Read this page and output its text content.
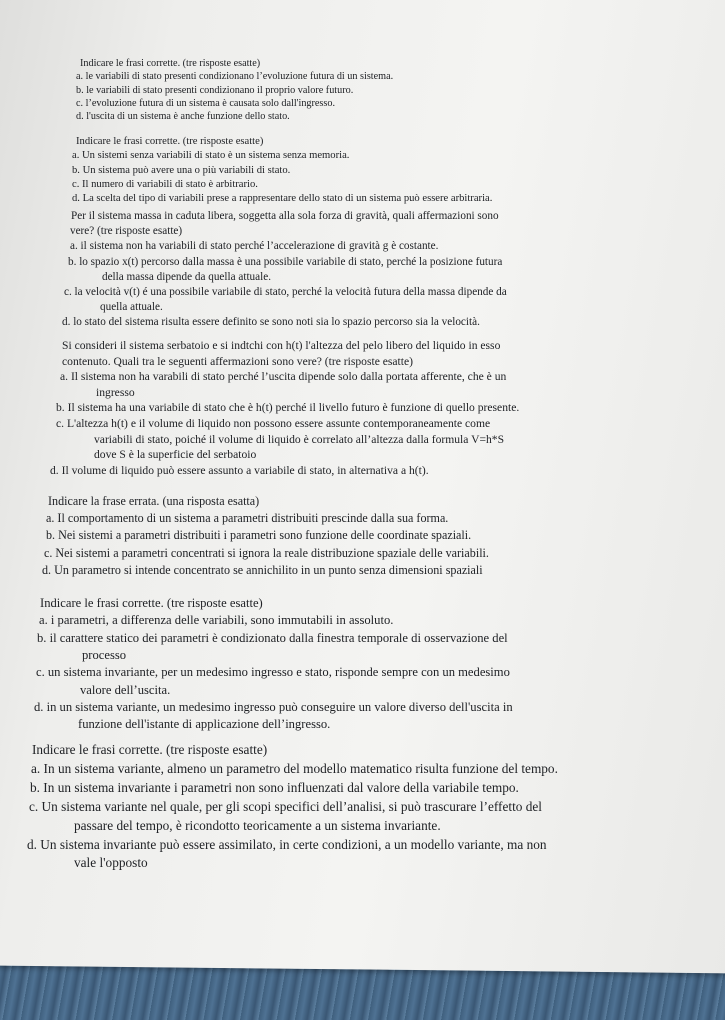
Indicare le frasi corrette. (tre risposte esatte)
a. le variabili di stato presenti condizionano l’evoluzione futura di un sistema.
b. le variabili di stato presenti condizionano il proprio valore futuro.
c. l’evoluzione futura di un sistema è causata solo dall'ingresso.
d. l'uscita di un sistema è anche funzione dello stato.
Indicare le frasi corrette. (tre risposte esatte)
a. Un sistemi senza variabili di stato è un sistema senza memoria.
b. Un sistema può avere una o più variabili di stato.
c. Il numero di variabili di stato è arbitrario.
d. La scelta del tipo di variabili prese a rappresentare dello stato di un sistema può essere arbitraria.
Per il sistema massa in caduta libera, soggetta alla sola forza di gravità, quali affermazioni sono
vere? (tre risposte esatte)
a. il sistema non ha variabili di stato perché l’accelerazione di gravità g è costante.
b. lo spazio x(t) percorso dalla massa è una possibile variabile di stato, perché la posizione futura
della massa dipende da quella attuale.
c. la velocità v(t) é una possibile variabile di stato, perché la velocità futura della massa dipende da
quella attuale.
d. lo stato del sistema risulta essere definito se sono noti sia lo spazio percorso sia la velocità.
Si consideri il sistema serbatoio e si indtchi con h(t) l'altezza del pelo libero del liquido in esso
contenuto. Quali tra le seguenti affermazioni sono vere? (tre risposte esatte)
a. Il sistema non ha varabili di stato perché l’uscita dipende solo dalla portata afferente, che è un
ingresso
b. Il sistema ha una variabile di stato che è h(t) perché il livello futuro è funzione di quello presente.
c. L'altezza h(t) e il volume di liquido non possono essere assunte contemporaneamente come
variabili di stato, poiché il volume di liquido è correlato all’altezza dalla formula V=h*S
dove S è la superficie del serbatoio
d. Il volume di liquido può essere assunto a variabile di stato, in alternativa a h(t).
Indicare la frase errata. (una risposta esatta)
a. Il comportamento di un sistema a parametri distribuiti prescinde dalla sua forma.
b. Nei sistemi a parametri distribuiti i parametri sono funzione delle coordinate spaziali.
c. Nei sistemi a parametri concentrati si ignora la reale distribuzione spaziale delle variabili.
d. Un parametro si intende concentrato se annichilito in un punto senza dimensioni spaziali
Indicare le frasi corrette. (tre risposte esatte)
a. i parametri, a differenza delle variabili, sono immutabili in assoluto.
b. il carattere statico dei parametri è condizionato dalla finestra temporale di osservazione del
processo
c. un sistema invariante, per un medesimo ingresso e stato, risponde sempre con un medesimo
valore dell’uscita.
d. in un sistema variante, un medesimo ingresso può conseguire un valore diverso dell'uscita in
funzione dell'istante di applicazione dell’ingresso.
Indicare le frasi corrette. (tre risposte esatte)
a. In un sistema variante, almeno un parametro del modello matematico risulta funzione del tempo.
b. In un sistema invariante i parametri non sono influenzati dal valore della variabile tempo.
c. Un sistema variante nel quale, per gli scopi specifici dell’analisi, si può trascurare l’effetto del
passare del tempo, è ricondotto teoricamente a un sistema invariante.
d. Un sistema invariante può essere assimilato, in certe condizioni, a un modello variante, ma non
vale l'opposto
